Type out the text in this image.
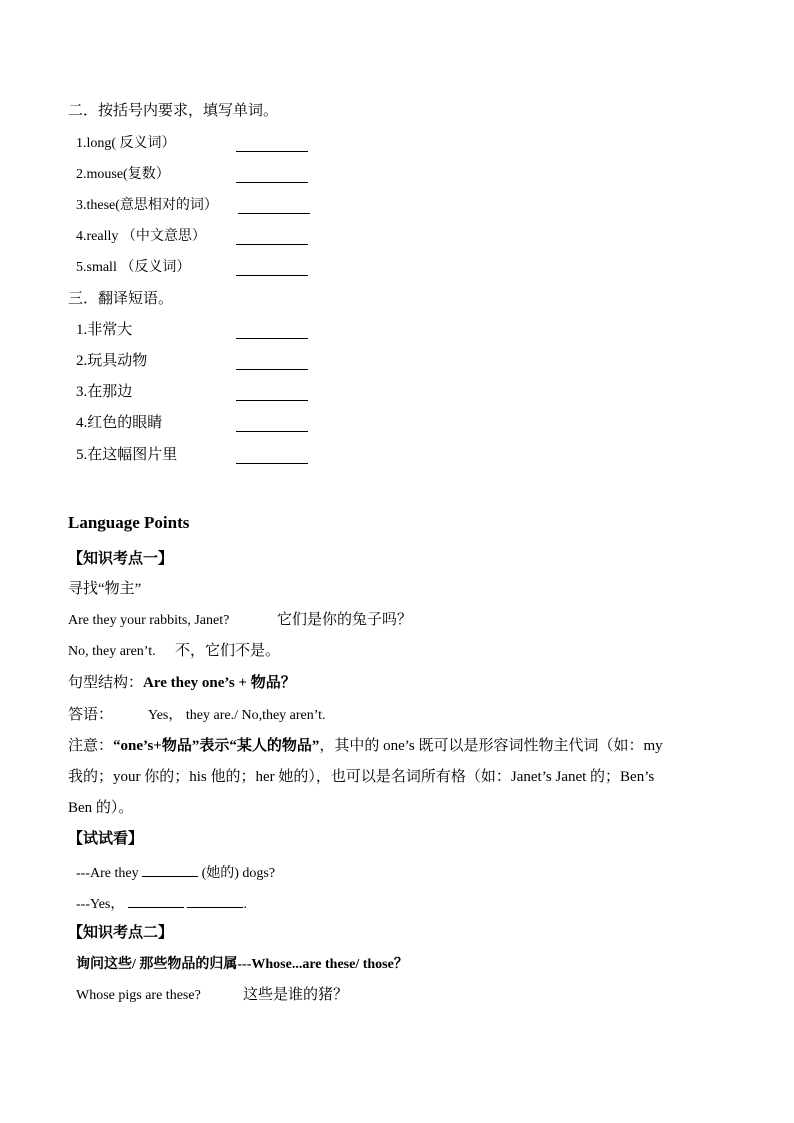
二．按括号内要求，填写单词。
1.long( 反义词）
2.mouse(复数）
3.these(意思相对的词）
4.really （中文意思）
5.small （反义词）
三．翻译短语。
1.非常大
2.玩具动物
3.在那边
4.红色的眼睛
5.在这幅图片里
Language Points
【知识考点一】
寻找“物主”
Are they your rabbits, Janet?	它们是你的兔子吗？
No, they aren’t. 不，它们不是。
句型结构：Are they one’s + 物品？
答语： Yes， they are./ No,they aren’t.
注意：“one’s+物品”表示“某人的物品”，其中的 one’s 既可以是形容词性物主代词（如：my
我的；your 你的；his 他的；her 她的），也可以是名词所有格（如：Janet’s Janet 的；Ben’s
Ben 的）。
【试试看】
---Are they	(她的) dogs?
---Yes，	.
【知识考点二】
询问这些/ 那些物品的归属---Whose...are these/ those？
Whose pigs are these?	这些是谁的猪？
